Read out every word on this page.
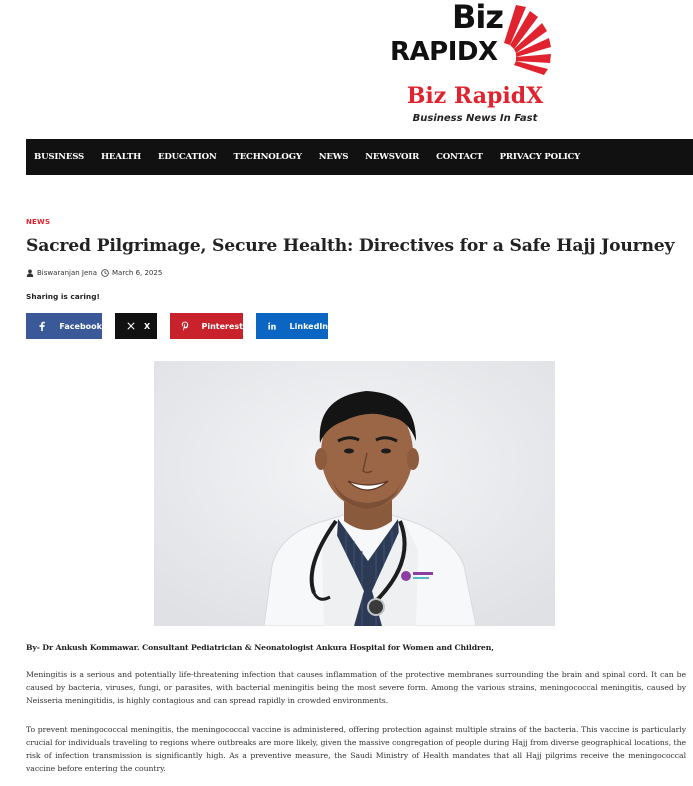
Biz
RAPIDX
Biz RapidX
Business News In Fast
BUSINESS HEALTH EDUCATION TECHNOLOGY NEWS NEWSVOIR CONTACT PRIVACY POLICY
NEWS
Sacred Pilgrimage, Secure Health: Directives for a Safe Hajj Journey
Biswaranjan Jena March 6, 2025
Sharing is caring!
Facebook	X	Pinterest	LinkedIn

By- Dr Ankush Kommawar. Consultant Pediatrician & Neonatologist Ankura Hospital for Women and Children,

Meningitis is a serious and potentially life-threatening infection that causes inflammation of the protective membranes surrounding the brain and spinal cord. It can be caused by bacteria, viruses, fungi, or parasites, with bacterial meningitis being the most severe form. Among the various strains, meningococcal meningitis, caused by Neisseria meningitidis, is highly contagious and can spread rapidly in crowded environments.

To prevent meningococcal meningitis, the meningococcal vaccine is administered, offering protection against multiple strains of the bacteria. This vaccine is particularly crucial for individuals traveling to regions where outbreaks are more likely, given the massive congregation of people during Hajj from diverse geographical locations, the risk of infection transmission is significantly high. As a preventive measure, the Saudi Ministry of Health mandates that all Hajj pilgrims receive the meningococcal vaccine before entering the country.
